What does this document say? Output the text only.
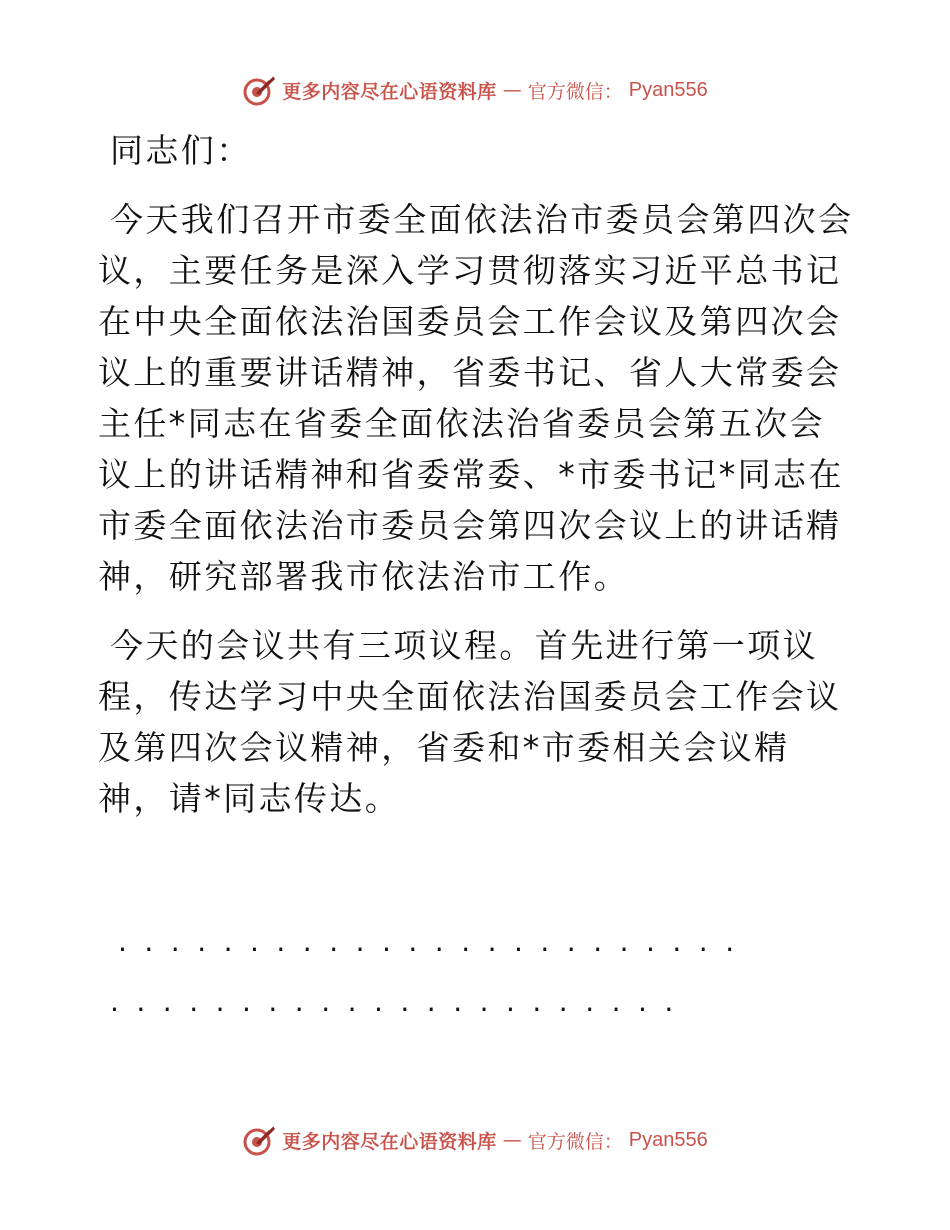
更多内容尽在心语资料库 — 官方微信： Pyan556

同志们：

今天我们召开市委全面依法治市委员会第四次会议，主要任务是深入学习贯彻落实习近平总书记在中央全面依法治国委员会工作会议及第四次会议上的重要讲话精神，省委书记、省人大常委会主任*同志在省委全面依法治省委员会第五次会议上的讲话精神和省委常委、*市委书记*同志在市委全面依法治市委员会第四次会议上的讲话精神，研究部署我市依法治市工作。

今天的会议共有三项议程。首先进行第一项议程，传达学习中央全面依法治国委员会工作会议及第四次会议精神，省委和*市委相关会议精神，请*同志传达。

........................
......................
更多内容尽在心语资料库 — 官方微信： Pyan556
